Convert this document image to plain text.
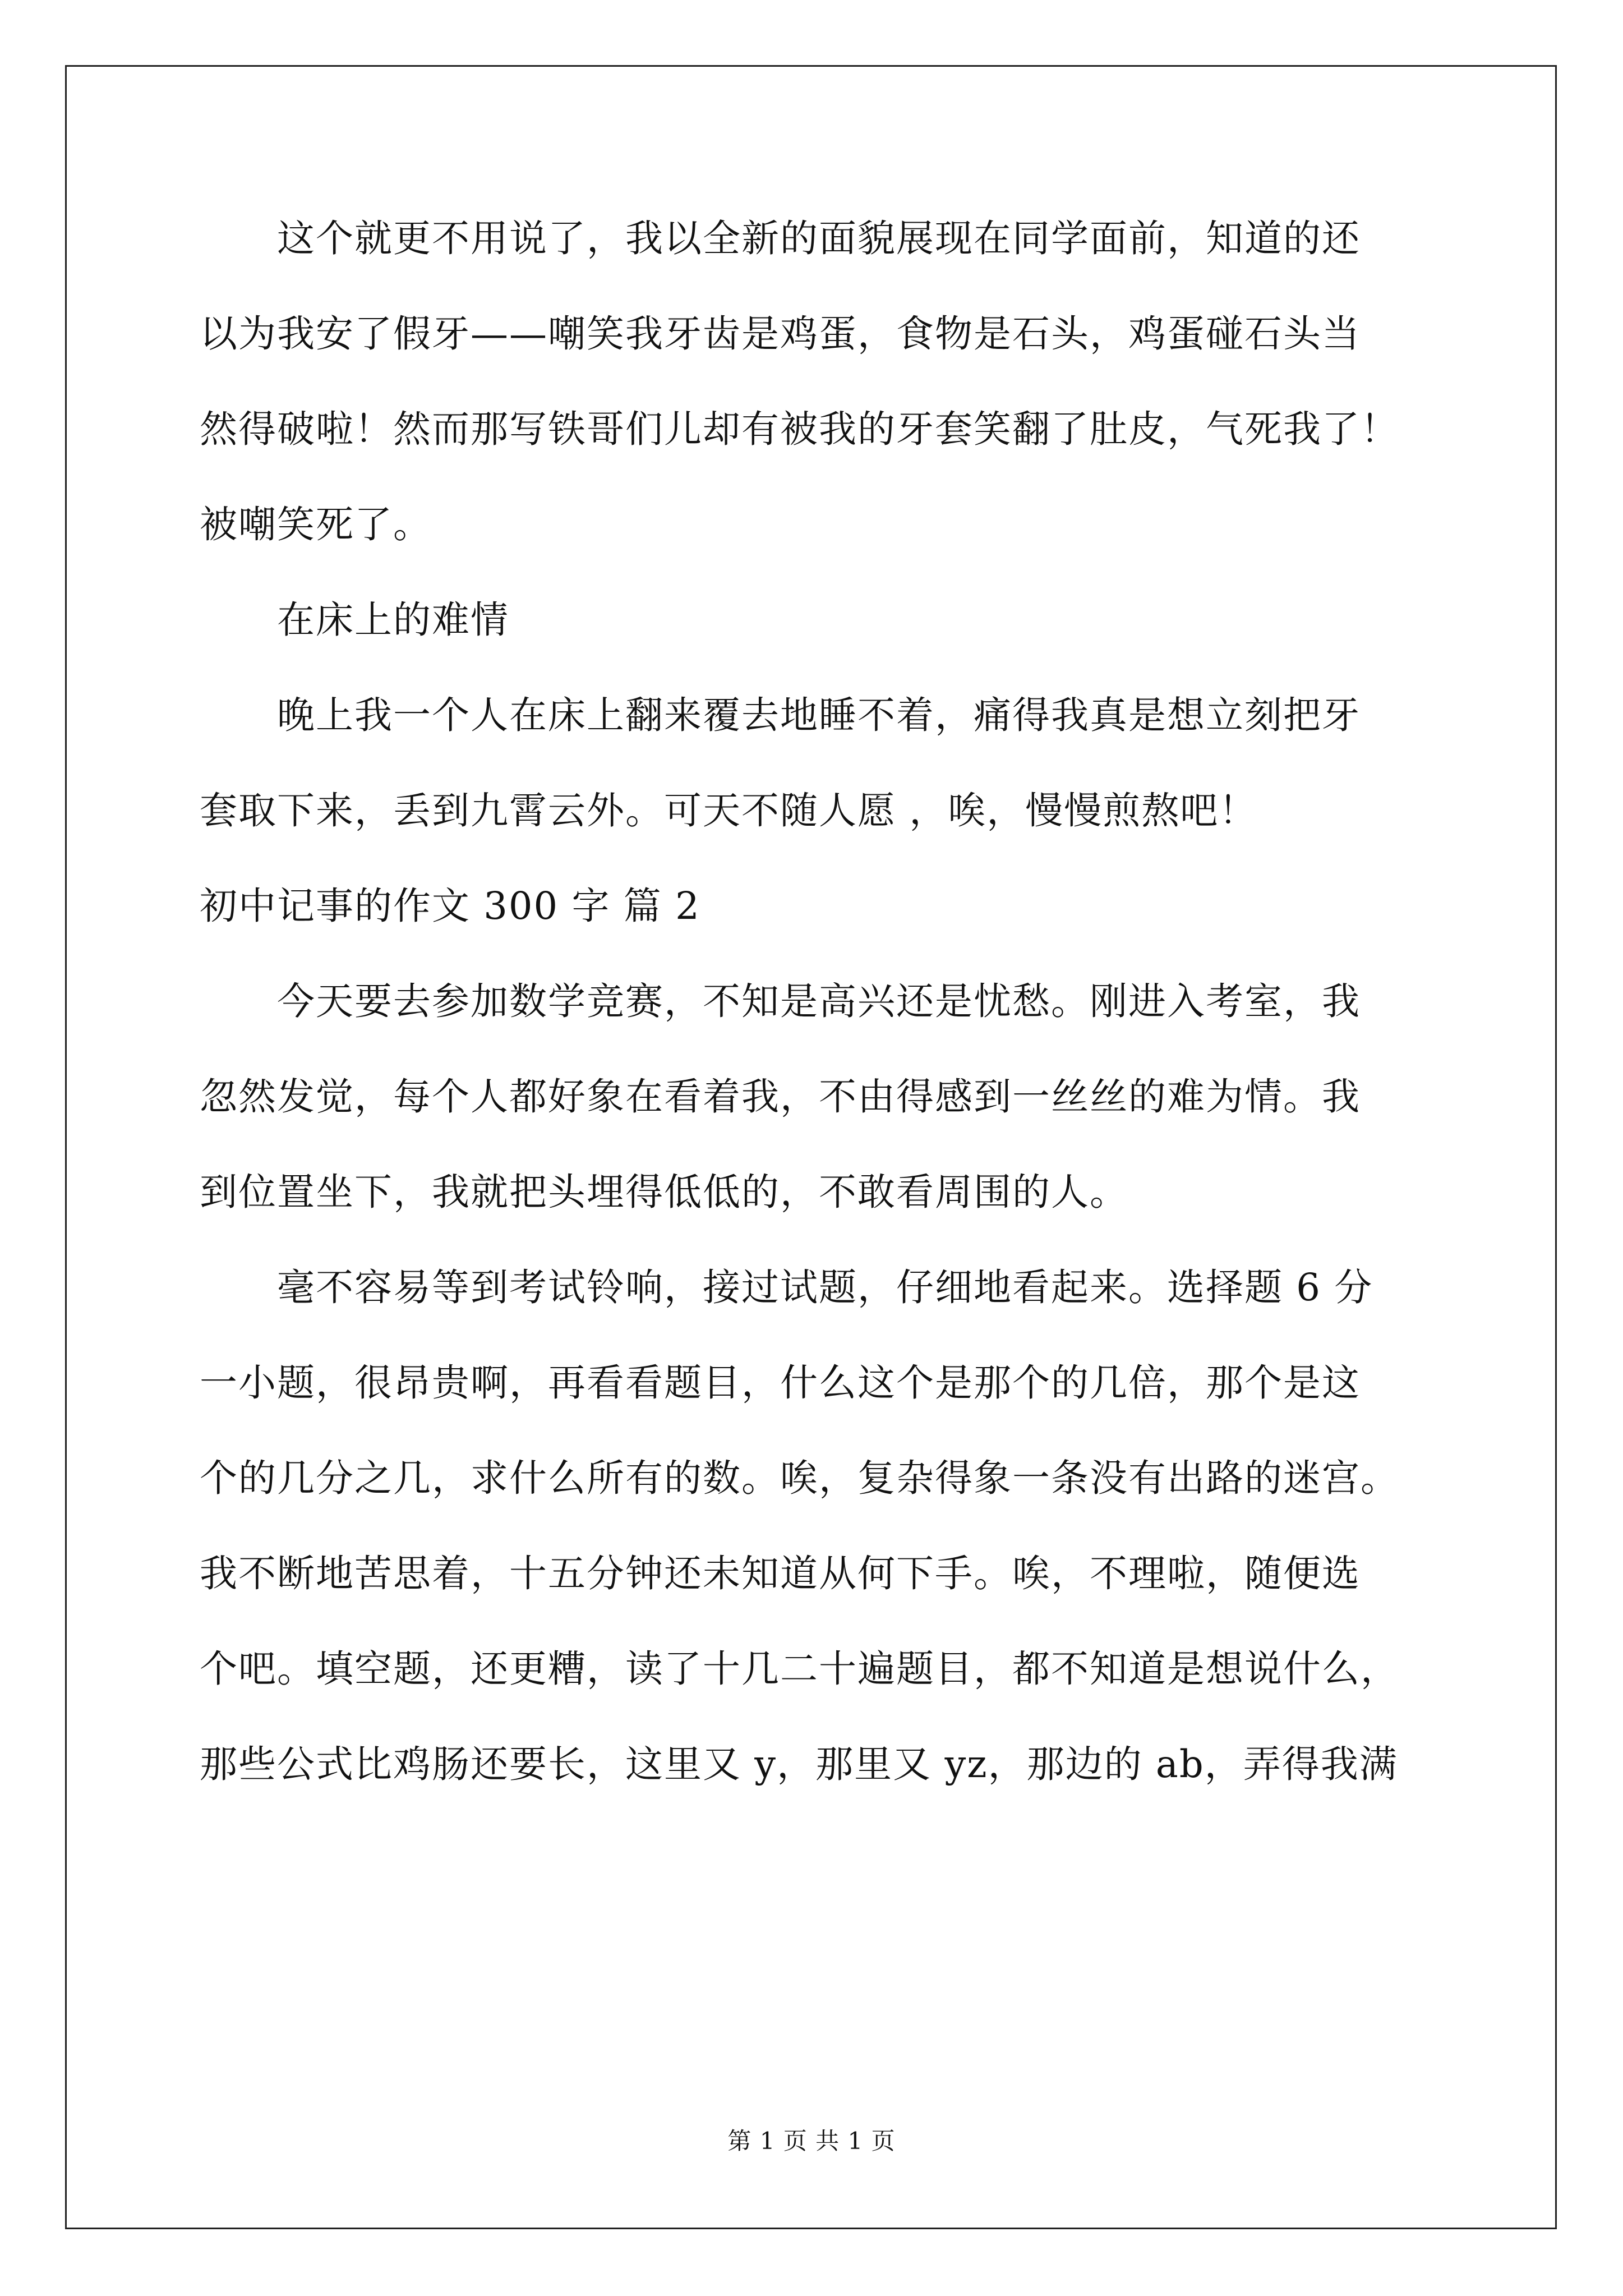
　　这个就更不用说了，我以全新的面貌展现在同学面前，知道的还
以为我安了假牙——嘲笑我牙齿是鸡蛋，食物是石头，鸡蛋碰石头当
然得破啦！然而那写铁哥们儿却有被我的牙套笑翻了肚皮，气死我了！
被嘲笑死了。
　　在床上的难情
　　晚上我一个人在床上翻来覆去地睡不着，痛得我真是想立刻把牙
套取下来，丢到九霄云外。可天不随人愿 ，唉，慢慢煎熬吧！
初中记事的作文 300 字 篇 2
　　今天要去参加数学竞赛，不知是高兴还是忧愁。刚进入考室，我
忽然发觉，每个人都好象在看着我，不由得感到一丝丝的难为情。我
到位置坐下，我就把头埋得低低的，不敢看周围的人。
　　毫不容易等到考试铃响，接过试题，仔细地看起来。选择题 6 分
一小题，很昂贵啊，再看看题目，什么这个是那个的几倍，那个是这
个的几分之几，求什么所有的数。唉，复杂得象一条没有出路的迷宫。
我不断地苦思着，十五分钟还未知道从何下手。唉，不理啦，随便选
个吧。填空题，还更糟，读了十几二十遍题目，都不知道是想说什么，
那些公式比鸡肠还要长，这里又 y，那里又 yz，那边的 ab，弄得我满
第 1 页 共 1 页
